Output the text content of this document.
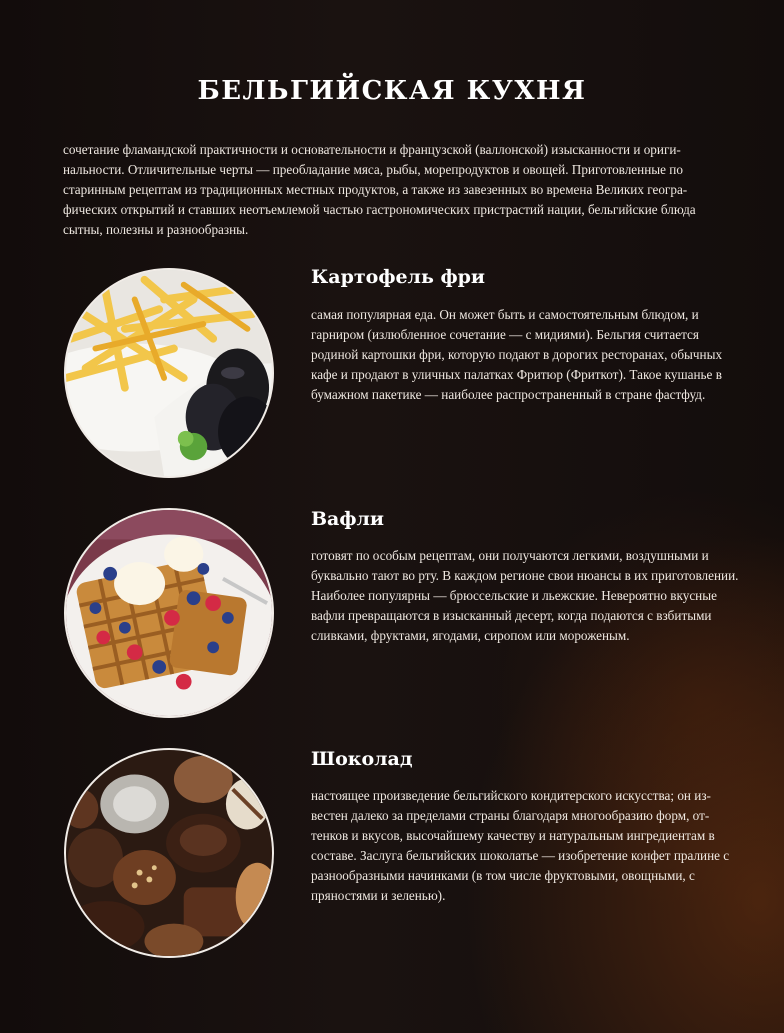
БЕЛЬГИЙСКАЯ КУХНЯ

сочетание фламандской практичности и основательности и французской (валлонской) изысканности и оригинальности. Отличительные черты — преобладание мяса, рыбы, морепродуктов и овощей. Приготовленные по старинным рецептам из традиционных местных продуктов, а также из завезенных во времена Великих географических открытий и ставших неотъемлемой частью гастрономических пристрастий нации, бельгийские блюда сытны, полезны и разнообразны.

Картофель фри

самая популярная еда. Он может быть и самостоятельным блюдом, и гарниром (излюбленное сочетание — с мидиями). Бельгия считается родиной картошки фри, которую подают в дорогих ресторанах, обычных кафе и продают в уличных палатках Фритюр (Фриткот). Такое кушанье в бумажном пакетике — наиболее распространенный в стране фастфуд.

Вафли

готовят по особым рецептам, они получаются легкими, воздушными и буквально тают во рту. В каждом регионе свои нюансы в их приготовлении. Наиболее популярны — брюссельские и льежские. Невероятно вкусные вафли превращаются в изысканный десерт, когда подаются с взбитыми сливками, фруктами, ягодами, сиропом или мороженым.

Шоколад

настоящее произведение бельгийского кондитерского искусства; он известен далеко за пределами страны благодаря многообразию форм, оттенков и вкусов, высочайшему качеству и натуральным ингредиентам в составе. Заслуга бельгийских шоколатье — изобретение конфет пралине с разнообразными начинками (в том числе фруктовыми, овощными, с пряностями и зеленью).
